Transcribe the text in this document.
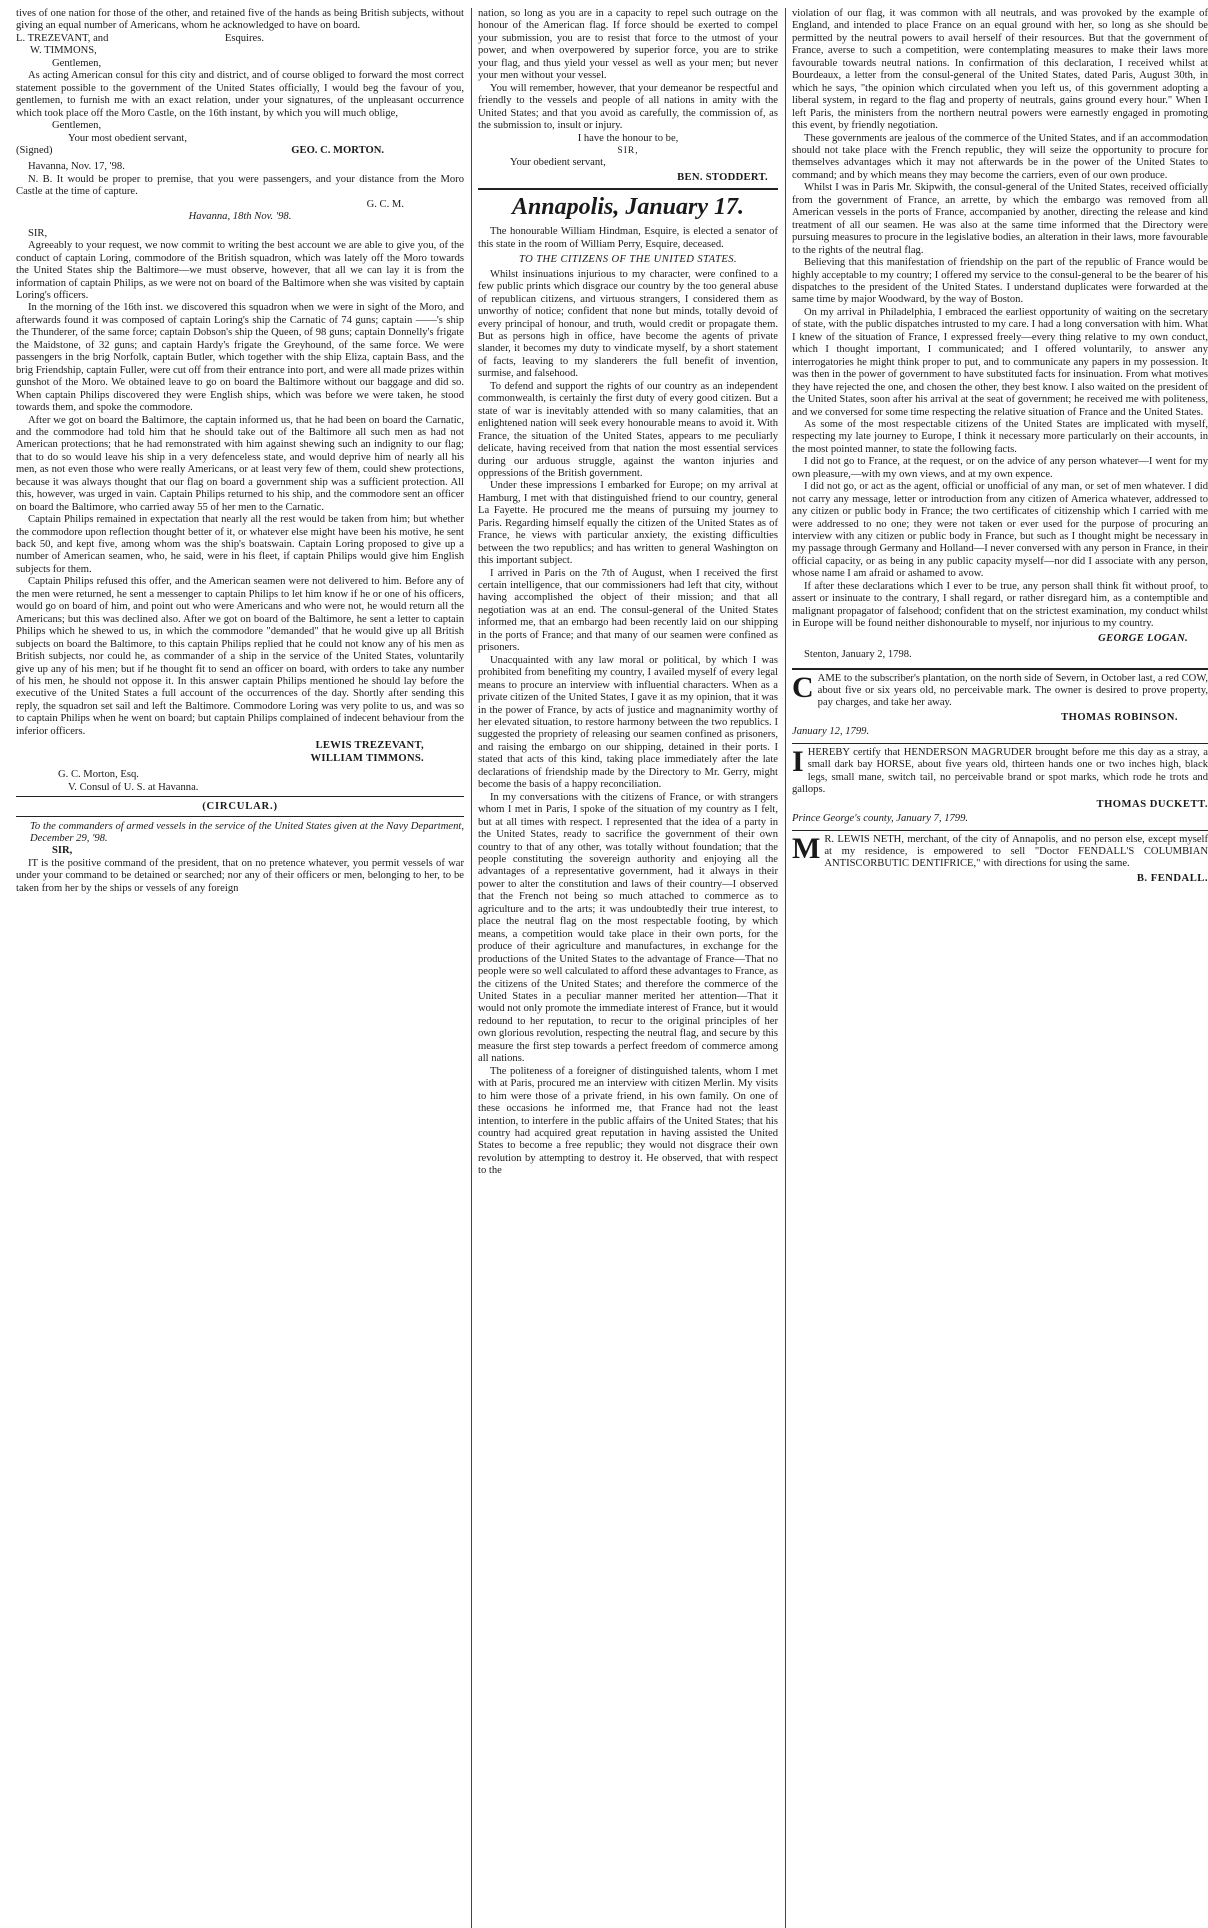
tives of one nation for those of the other, and retained five of the hands as being British subjects, without giving an equal number of Americans, whom he acknowledged to have on board.

L. TREZEVANT, and	Esquires.

W. TIMMONS,

Gentlemen,

As acting American consul for this city and district, and of course obliged to forward the most correct statement possible to the government of the United States officially, I would beg the favour of you, gentlemen, to furnish me with an exact relation, under your signatures, of the unpleasant occurrence which took place off the Moro Castle, on the 16th instant, by which you will much oblige,

Gentlemen,

Your most obedient servant,

(Signed)	GEO. C. MORTON.

Havanna, Nov. 17, '98.

N. B. It would be proper to premise, that you were passengers, and your distance from the Moro Castle at the time of capture.

G. C. M.

Havanna, 18th Nov. '98.

SIR,

Agreeably to your request, we now commit to writing the best account we are able to give you, of the conduct of captain Loring, commodore of the British squadron, which was lately off the Moro towards the United States ship the Baltimore—we must observe, however, that all we can lay it is from the information of captain Philips, as we were not on board of the Baltimore when she was visited by captain Loring's officers.

In the morning of the 16th inst. we discovered this squadron when we were in sight of the Moro, and afterwards found it was composed of captain Loring's ship the Carnatic of 74 guns; captain ——'s ship the Thunderer, of the same force; captain Dobson's ship the Queen, of 98 guns; captain Donnelly's frigate the Maidstone, of 32 guns; and captain Hardy's frigate the Greyhound, of the same force. We were passengers in the brig Norfolk, captain Butler, which together with the ship Eliza, captain Bass, and the brig Friendship, captain Fuller, were cut off from their entrance into port, and were all made prizes within gunshot of the Moro. We obtained leave to go on board the Baltimore without our baggage and did so. When captain Philips discovered they were English ships, which was before we were taken, he stood towards them, and spoke the commodore.

After we got on board the Baltimore, the captain informed us, that he had been on board the Carnatic, and the commodore had told him that he should take out of the Baltimore all such men as had not American protections; that he had remonstrated with him against shewing such an indignity to our flag; that to do so would leave his ship in a very defenceless state, and would deprive him of nearly all his men, as not even those who were really Americans, or at least very few of them, could shew protections, because it was always thought that our flag on board a government ship was a sufficient protection. All this, however, was urged in vain. Captain Philips returned to his ship, and the commodore sent an officer on board the Baltimore, who carried away 55 of her men to the Carnatic.

Captain Philips remained in expectation that nearly all the rest would be taken from him; but whether the commodore upon reflection thought better of it, or whatever else might have been his motive, he sent back 50, and kept five, among whom was the ship's boatswain. Captain Loring proposed to give up a number of American seamen, who, he said, were in his fleet, if captain Philips would give him English subjects for them.

Captain Philips refused this offer, and the American seamen were not delivered to him. Before any of the men were returned, he sent a messenger to captain Philips to let him know if he or one of his officers, would go on board of him, and point out who were Americans and who were not, he would return all the Americans; but this was declined also. After we got on board of the Baltimore, he sent a letter to captain Philips which he shewed to us, in which the commodore "demanded" that he would give up all British subjects on board the Baltimore, to this captain Philips replied that he could not know any of his men as British subjects, nor could he, as commander of a ship in the service of the United States, voluntarily give up any of his men; but if he thought fit to send an officer on board, with orders to take any number of his men, he should not oppose it. In this answer captain Philips mentioned he should lay before the executive of the United States a full account of the occurrences of the day. Shortly after sending this reply, the squadron set sail and left the Baltimore. Commodore Loring was very polite to us, and was so to captain Philips when he went on board; but captain Philips complained of indecent behaviour from the inferior officers.

LEWIS TREZEVANT,
WILLIAM TIMMONS.

G. C. Morton, Esq.

V. Consul of U. S. at Havanna.

(CIRCULAR.)

To the commanders of armed vessels in the service of the United States given at the Navy Department, December 29, '98.

SIR,

IT is the positive command of the president, that on no pretence whatever, you permit vessels of war under your command to be detained or searched; nor any of their officers or men, belonging to her, to be taken from her by the ships or vessels of any foreign

nation, so long as you are in a capacity to repel such outrage on the honour of the American flag. If force should be exerted to compel your submission, you are to resist that force to the utmost of your power, and when overpowered by superior force, you are to strike your flag, and thus yield your vessel as well as your men; but never your men without your vessel.

You will remember, however, that your demeanor be respectful and friendly to the vessels and people of all nations in amity with the United States; and that you avoid as carefully, the commission of, as the submission to, insult or injury.

I have the honour to be,

SIR,

Your obedient servant,

BEN. STODDERT.
Annapolis, January 17.

The honourable William Hindman, Esquire, is elected a senator of this state in the room of William Perry, Esquire, deceased.

TO THE CITIZENS OF THE UNITED STATES.

Whilst insinuations injurious to my character, were confined to a few public prints which disgrace our country by the too general abuse of republican citizens, and virtuous strangers, I considered them as unworthy of notice; confident that none but minds, totally devoid of every principal of honour, and truth, would credit or propagate them. But as persons high in office, have become the agents of private slander, it becomes my duty to vindicate myself, by a short statement of facts, leaving to my slanderers the full benefit of invention, surmise, and falsehood.

To defend and support the rights of our country as an independent commonwealth, is certainly the first duty of every good citizen. But a state of war is inevitably attended with so many calamities, that an enlightened nation will seek every honourable means to avoid it. With France, the situation of the United States, appears to me peculiarly delicate, having received from that nation the most essential services during our arduous struggle, against the wanton injuries and oppressions of the British government.

Under these impressions I embarked for Europe; on my arrival at Hamburg, I met with that distinguished friend to our country, general La Fayette. He procured me the means of pursuing my journey to Paris. Regarding himself equally the citizen of the United States as of France, he views with particular anxiety, the existing difficulties between the two republics; and has written to general Washington on this important subject.

I arrived in Paris on the 7th of August, when I received the first certain intelligence, that our commissioners had left that city, without having accomplished the object of their mission; and that all negotiation was at an end. The consul-general of the United States informed me, that an embargo had been recently laid on our shipping in the ports of France; and that many of our seamen were confined as prisoners.

Unacquainted with any law moral or political, by which I was prohibited from benefiting my country, I availed myself of every legal means to procure an interview with influential characters. When as a private citizen of the United States, I gave it as my opinion, that it was in the power of France, by acts of justice and magnanimity worthy of her elevated situation, to restore harmony between the two republics. I suggested the propriety of releasing our seamen confined as prisoners, and raising the embargo on our shipping, detained in their ports. I stated that acts of this kind, taking place immediately after the late declarations of friendship made by the Directory to Mr. Gerry, might become the basis of a happy reconciliation.

In my conversations with the citizens of France, or with strangers whom I met in Paris, I spoke of the situation of my country as I felt, but at all times with respect. I represented that the idea of a party in the United States, ready to sacrifice the government of their own country to that of any other, was totally without foundation; that the people constituting the sovereign authority and enjoying all the advantages of a representative government, had it always in their power to alter the constitution and laws of their country—I observed that the French not being so much attached to commerce as to agriculture and to the arts; it was undoubtedly their true interest, to place the neutral flag on the most respectable footing, by which means, a competition would take place in their own ports, for the produce of their agriculture and manufactures, in exchange for the productions of the United States to the advantage of France—That no people were so well calculated to afford these advantages to France, as the citizens of the United States; and therefore the commerce of the United States in a peculiar manner merited her attention—That it would not only promote the immediate interest of France, but it would redound to her reputation, to recur to the original principles of her own glorious revolution, respecting the neutral flag, and secure by this measure the first step towards a perfect freedom of commerce among all nations.

The politeness of a foreigner of distinguished talents, whom I met with at Paris, procured me an interview with citizen Merlin. My visits to him were those of a private friend, in his own family. On one of these occasions he informed me, that France had not the least intention, to interfere in the public affairs of the United States; that his country had acquired great reputation in having assisted the United States to become a free republic; they would not disgrace their own revolution by attempting to destroy it. He observed, that with respect to the

violation of our flag, it was common with all neutrals, and was provoked by the example of England, and intended to place France on an equal ground with her, so long as she should be permitted by the neutral powers to avail herself of their resources. But that the government of France, averse to such a competition, were contemplating measures to make their laws more favourable towards neutral nations. In confirmation of this declaration, I received whilst at Bourdeaux, a letter from the consul-general of the United States, dated Paris, August 30th, in which he says, "the opinion which circulated when you left us, of this government adopting a liberal system, in regard to the flag and property of neutrals, gains ground every hour." When I left Paris, the ministers from the northern neutral powers were earnestly engaged in promoting this event, by friendly negotiation.

These governments are jealous of the commerce of the United States, and if an accommodation should not take place with the French republic, they will seize the opportunity to procure for themselves advantages which it may not afterwards be in the power of the United States to command; and by which means they may become the carriers, even of our own produce.

Whilst I was in Paris Mr. Skipwith, the consul-general of the United States, received officially from the government of France, an arrette, by which the embargo was removed from all American vessels in the ports of France, accompanied by another, directing the release and kind treatment of all our seamen. He was also at the same time informed that the Directory were pursuing measures to procure in the legislative bodies, an alteration in their laws, more favourable to the rights of the neutral flag.

Believing that this manifestation of friendship on the part of the republic of France would be highly acceptable to my country; I offered my service to the consul-general to be the bearer of his dispatches to the president of the United States. I understand duplicates were forwarded at the same time by major Woodward, by the way of Boston.

On my arrival in Philadelphia, I embraced the earliest opportunity of waiting on the secretary of state, with the public dispatches intrusted to my care. I had a long conversation with him. What I knew of the situation of France, I expressed freely—every thing relative to my own conduct, which I thought important, I communicated; and I offered voluntarily, to answer any interrogatories he might think proper to put, and to communicate any papers in my possession. It was then in the power of government to have substituted facts for insinuation. From what motives they have rejected the one, and chosen the other, they best know. I also waited on the president of the United States, soon after his arrival at the seat of government; he received me with politeness, and we conversed for some time respecting the relative situation of France and the United States.

As some of the most respectable citizens of the United States are implicated with myself, respecting my late journey to Europe, I think it necessary more particularly on their accounts, in the most pointed manner, to state the following facts.

I did not go to France, at the request, or on the advice of any person whatever—I went for my own pleasure,—with my own views, and at my own expence.

I did not go, or act as the agent, official or unofficial of any man, or set of men whatever. I did not carry any message, letter or introduction from any citizen of America whatever, addressed to any citizen or public body in France; the two certificates of citizenship which I carried with me were addressed to no one; they were not taken or ever used for the purpose of procuring an interview with any citizen or public body in France, but such as I thought might be necessary in my passage through Germany and Holland—I never conversed with any person in France, in their official capacity, or as being in any public capacity myself—nor did I associate with any person, whose name I am afraid or ashamed to avow.

If after these declarations which I ever to be true, any person shall think fit without proof, to assert or insinuate to the contrary, I shall regard, or rather disregard him, as a contemptible and malignant propagator of falsehood; confident that on the strictest examination, my conduct whilst in Europe will be found neither dishonourable to myself, nor injurious to my country.

GEORGE LOGAN.

Stenton, January 2, 1798.

CAME to the subscriber's plantation, on the north side of Severn, in October last, a red COW, about five or six years old, no perceivable mark. The owner is desired to prove property, pay charges, and take her away.

THOMAS ROBINSON.

January 12, 1799.

IHEREBY certify that HENDERSON MAGRUDER brought before me this day as a stray, a small dark bay HORSE, about five years old, thirteen hands one or two inches high, black legs, small mane, switch tail, no perceivable brand or spot marks, which rode he trots and gallops.

THOMAS DUCKETT.

Prince George's county, January 7, 1799.

M R. LEWIS NETH, merchant, of the city of Annapolis, and no person else, except myself at my residence, is empowered to sell "Doctor FENDALL'S COLUMBIAN ANTISCORBUTIC DENTIFRICE," with directions for using the same.

B. FENDALL.
